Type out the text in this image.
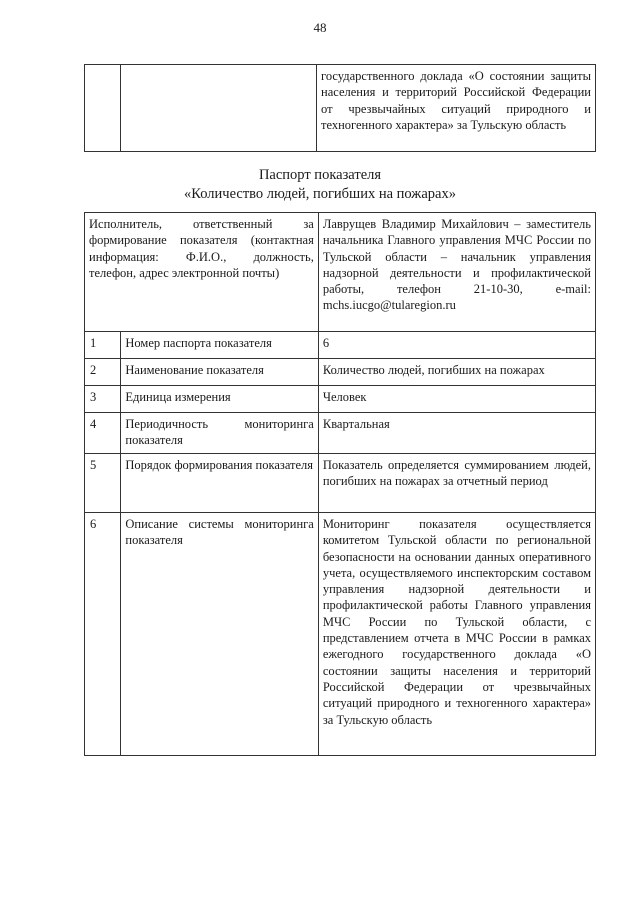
48
		государственного доклада «О состоянии защиты населения и территорий Российской Федерации от чрезвычайных ситуаций природного и техногенного характера» за Тульскую область
Паспорт показателя
«Количество людей, погибших на пожарах»
Исполнитель, ответственный за формирование показателя (контактная информация: Ф.И.О., должность, телефон, адрес электронной почты)		Лаврущев Владимир Михайлович – заместитель начальника Главного управления МЧС России по Тульской области – начальник управления надзорной деятельности и профилактической работы, телефон 21-10-30, e-mail: mchs.iucgo@tularegion.ru
1	Номер паспорта показателя	6
2	Наименование показателя	Количество людей, погибших на пожарах
3	Единица измерения	Человек
4	Периодичность мониторинга показателя	Квартальная
5	Порядок формирования показателя	Показатель определяется суммированием людей, погибших на пожарах за отчетный период
6	Описание системы мониторинга показателя	Мониторинг показателя осуществляется комитетом Тульской области по региональной безопасности на основании данных оперативного учета, осуществляемого инспекторским составом управления надзорной деятельности и профилактической работы Главного управления МЧС России по Тульской области, с представлением отчета в МЧС России в рамках ежегодного государственного доклада «О состоянии защиты населения и территорий Российской Федерации от чрезвычайных ситуаций природного и техногенного характера» за Тульскую область
